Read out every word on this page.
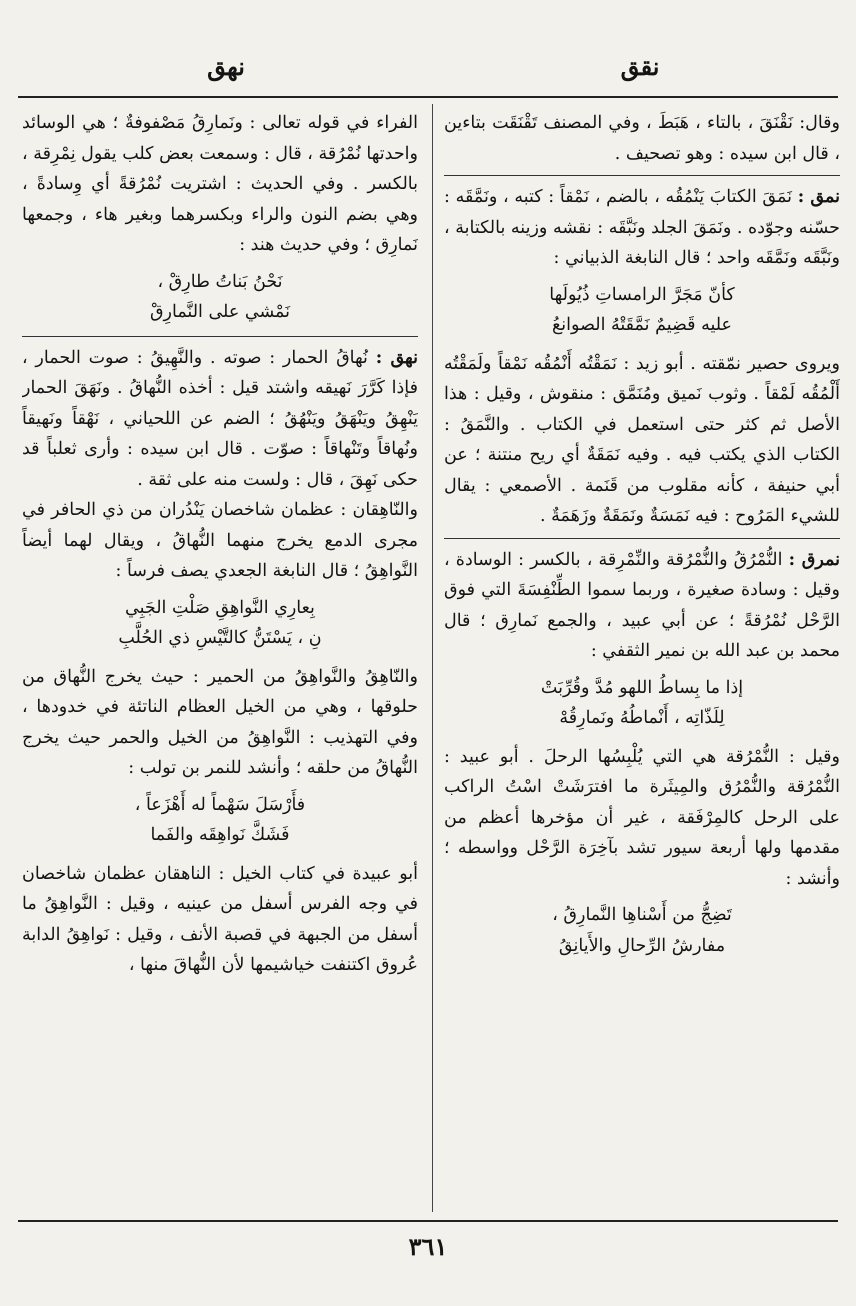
نقق
نهق

وقال: نَقْنَقَ ، بالتاء ، هَبَطَ ، وفي المصنف تَقْنَقَت بتاءين ، قال ابن سيده : وهو تصحيف .

نمق : نَمَقَ الكتابَ يَنْمُقُه ، بالضم ، نَمْقاً : كتبه ، ونَمَّقَه : حسّنه وجوّده . ونَمَقَ الجلد ونَبَّقَه : نقشه وزينه بالكتابة ، ونَبَّقَه ونَمَّقَه واحد ؛ قال النابغة الذبياني :

كأنّ مَجَرَّ الرامساتِ ذُيُولَها
عليه قَضِيمٌ نَمَّقَتْهُ الصوانعُ

ويروى حصير نمّقته . أبو زيد : نَمَقْتُه أَنْمُقُه نَمْقاً ولَمَقْتُه أَلْمُقُه لَمْقاً . وثوب نَميق ومُنَمَّق : منقوش ، وقيل : هذا الأصل ثم كثر حتى استعمل في الكتاب . والنَّمَقُ : الكتاب الذي يكتب فيه . وفيه نَمَقَةٌ أي ريح منتنة ؛ عن أبي حنيفة ، كأنه مقلوب من قَنَمة . الأصمعي : يقال للشيء المَرُوح : فيه نَمَسَةٌ ونَمَقَةٌ وزَهَمَةٌ .

نمرق : النُّمْرُقُ والنُّمْرُقة والنِّمْرِقة ، بالكسر : الوسادة ، وقيل : وسادة صغيرة ، وربما سموا الطِّنْفِسَةَ التي فوق الرَّحْل نُمْرُقةً ؛ عن أبي عبيد ، والجمع نَمارِق ؛ قال محمد بن عبد الله بن نمير الثقفي :

إذا ما بِساطُ اللهو مُدَّ وقُرِّبَتْ
لِلَذّاتِه ، أَنْماطُهُ ونَمارِقُهْ

وقيل : النُّمْرُقة هي التي يُلْبِسُها الرحلَ . أبو عبيد : النُّمْرُقة والنُّمْرُق والمِيثَرة ما افترَشَتْ اسْتُ الراكب على الرحل كالمِرْفَقة ، غير أن مؤخرها أعظم من مقدمها ولها أربعة سيور تشد بآخِرَة الرَّحْل وواسطه ؛ وأنشد :

تَضِجُّ من أَسْناهِا النَّمارِقُ ،
مفارشُ الرِّحالِ والأَيانِقُ

الفراء في قوله تعالى : ونَمارِقُ مَصْفوفةٌ ؛ هي الوسائد واحدتها نُمْرُقة ، قال : وسمعت بعض كلب يقول نِمْرِقة ، بالكسر . وفي الحديث : اشتريت نُمْرُقةً أي وِسادةً ، وهي بضم النون والراء وبكسرهما وبغير هاء ، وجمعها نَمارِق ؛ وفي حديث هند :

نَحْنُ بَناتُ طارِقْ ،
نَمْشي على النَّمارِقْ

نهق : نُهاقُ الحمار : صوته . والنَّهِيقُ : صوت الحمار ، فإذا كَرَّرَ نَهيقه واشتد قيل : أخذه النُّهاقُ . ونَهَقَ الحمار يَنْهِقُ ويَنْهَقُ ويَنْهُقُ ؛ الضم عن اللحياني ، نَهْقاً ونَهيقاً ونُهاقاً وتَنْهاقاً : صوّت . قال ابن سيده : وأرى ثعلباً قد حكى نَهِقَ ، قال : ولست منه على ثقة .

والنّاهِقان : عظمان شاخصان يَنْدُران من ذي الحافر في مجرى الدمع يخرج منهما النُّهاقُ ، ويقال لهما أيضاً النَّواهِقُ ؛ قال النابغة الجعدي يصف فرساً :

بِعارِي النَّواهِقِ صَلْتِ الجَبِي
نِ ، يَسْتَنُّ كالتَّيْسِ ذي الحُلَّبِ

والنّاهِقُ والنَّواهِقُ من الحمير : حيث يخرج النُّهاق من حلوقها ، وهي من الخيل العظام الناتئة في خدودها ، وفي التهذيب : النَّواهِقُ من الخيل والحمر حيث يخرج النُّهاقُ من حلقه ؛ وأنشد للنمر بن تولب :

فأَرْسَلَ سَهْماً له أَهْزَعاً ،
فَشَكَّ نَواهِقَه والفَما

أبو عبيدة في كتاب الخيل : الناهقان عظمان شاخصان في وجه الفرس أسفل من عينيه ، وقيل : النَّواهِقُ ما أسفل من الجبهة في قصبة الأنف ، وقيل : نَواهِقُ الدابة عُروق اكتنفت خياشيمها لأن النُّهاقَ منها ،

٣٦١
